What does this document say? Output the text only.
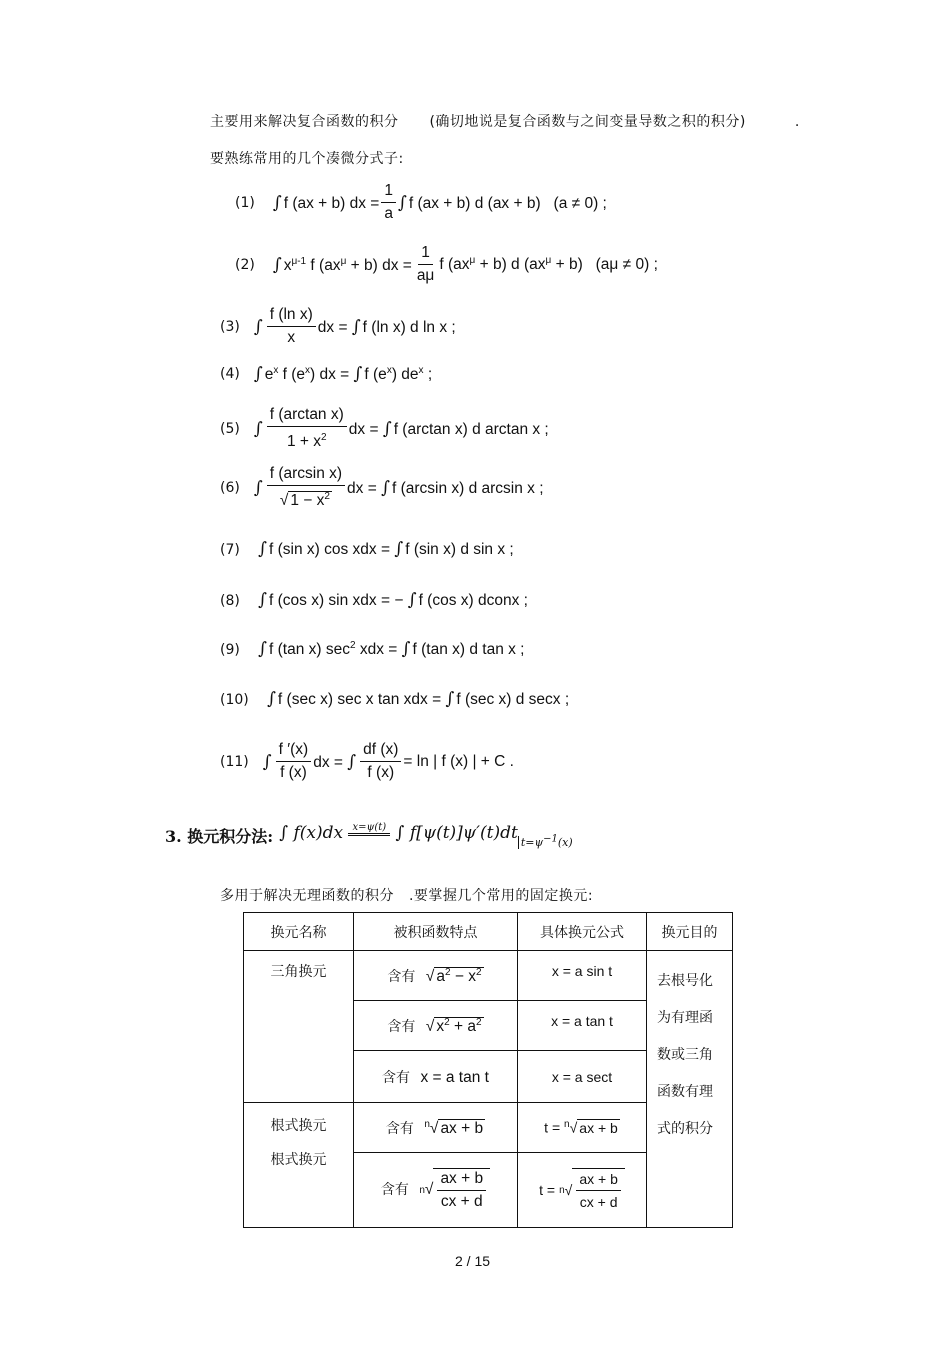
主要用来解决复合函数的积分 (确切地说是复合函数与之间变量导数之积的积分)	.
要熟练常用的几个凑微分式子:
(1) ∫ f (ax + b) dx = $\frac{1}{a}$ ∫ f (ax + b) d (ax + b)   (a ≠ 0) ;
(2) ∫ $x^{\mu-1}$ f $(ax^\mu + b)$ dx = $\frac{1}{a\mu}$ f $(ax^\mu + b)$ d $(ax^\mu + b) (a\mu \ne 0)$ ;
(3) ∫ $\frac{\text{f (ln x)}}{x}$ dx = ∫ f (ln x) d ln x ;
(4) ∫ $e^x$ f $(e^x)$ dx = ∫ f $(e^x)$ $de^x$ ;
(5) ∫ $\frac{\text{f (arctan x)}}{1 + x^2}$ dx = ∫ f (arctan x) d arctan x ;
(6) ∫ $\frac{\text{f (arcsin x)}}{√ 1 - x^2}$ dx = ∫ f (arcsin x) d arcsin x ;
(7) ∫ f (sin x) cos xdx = ∫ f (sin x) d sin x ;
(8) ∫ f (cos x) sin xdx = − ∫ f (cos x) dconx ;
(9) ∫ f (tan x) $\sec^2$ xdx = ∫ f (tan x) d tan x ;
(10) ∫ f (sec x) sec x tan xdx = ∫ f (sec x) d secx ;
(11) ∫ $\frac{f '(x)}{f (x)}$ dx = ∫ $\frac{df (x)}{f (x)} = \ln$ | f (x) | + C .
3. 换元积分法: ∫ f(x)dx x=ψ(t) ∫ f[ψ(t)]ψ′(t)dt $_{t=\psi^{-1}(x)}$
多用于解决无理函数的积分 .要掌握几个常用的固定换元:
换元名称	被积函数特点	具体换元公式	换元目的
三角换元	含有 √ $a^2 - x^2$	x = a sin t	去根号化
为有理函
数或三角
函数有理
式的积分

	含有 √ $x^2 + a^2$	x = a tan t	
	含有 x = a tan t	x = a sect	

根式换元
根式换元	含有 $^n$√ ax + b	t = $^n$√ ax + b	
	含有 n √ $\frac{ax + b}{cx + d}$	t = n √ $\frac{ax + b}{cx + d}$
2 / 15
